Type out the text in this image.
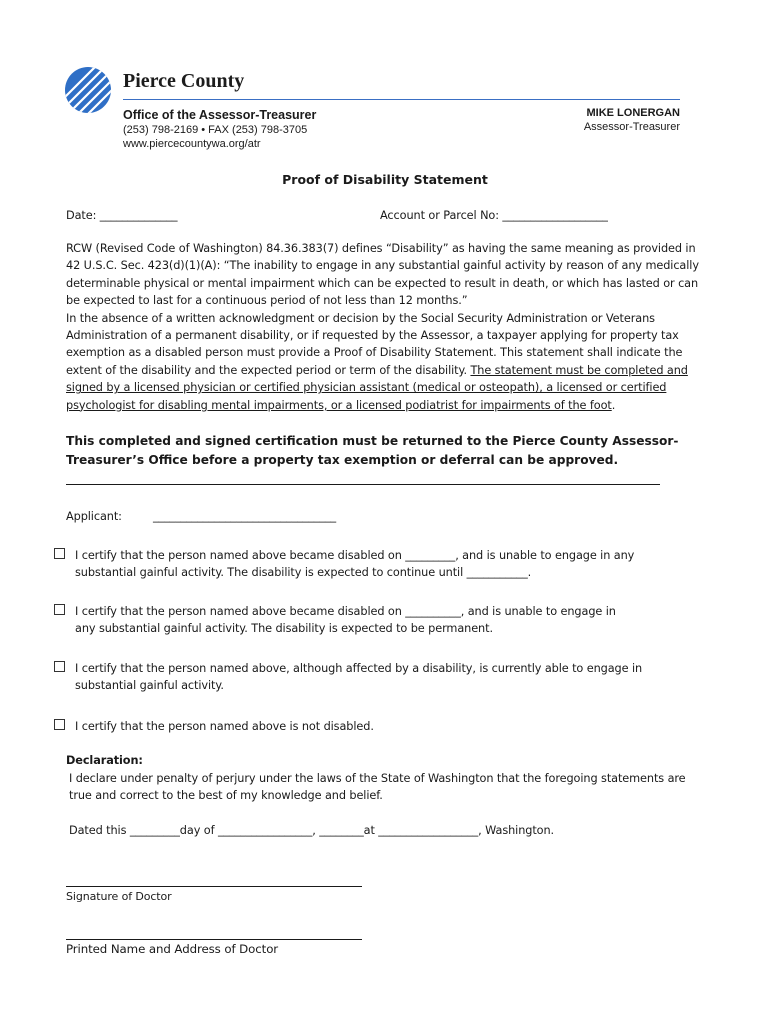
Pierce County
Office of the Assessor-Treasurer
(253) 798-2169 • FAX (253) 798-3705
www.piercecountywa.org/atr
MIKE LONERGAN
Assessor-Treasurer
Proof of Disability Statement
Date: ______________	Account or Parcel No: ___________________

RCW (Revised Code of Washington) 84.36.383(7) defines “Disability” as having the same meaning as provided in 42 U.S.C. Sec. 423(d)(1)(A): “The inability to engage in any substantial gainful activity by reason of any medically determinable physical or mental impairment which can be expected to result in death, or which has lasted or can be expected to last for a continuous period of not less than 12 months.”

In the absence of a written acknowledgment or decision by the Social Security Administration or Veterans Administration of a permanent disability, or if requested by the Assessor, a taxpayer applying for property tax exemption as a disabled person must provide a Proof of Disability Statement. This statement shall indicate the extent of the disability and the expected period or term of the disability. The statement must be completed and signed by a licensed physician or certified physician assistant (medical or osteopath), a licensed or certified psychologist for disabling mental impairments, or a licensed podiatrist for impairments of the foot.

This completed and signed certification must be returned to the Pierce County Assessor-Treasurer’s Office before a property tax exemption or deferral can be approved.
Applicant:	_________________________________

I certify that the person named above became disabled on _________, and is unable to engage in any

substantial gainful activity. The disability is expected to continue until ___________.

I certify that the person named above became disabled on __________, and is unable to engage in

any substantial gainful activity. The disability is expected to be permanent.

I certify that the person named above, although affected by a disability, is currently able to engage in

substantial gainful activity.

I certify that the person named above is not disabled.

Declaration:
I declare under penalty of perjury under the laws of the State of Washington that the foregoing statements are true and correct to the best of my knowledge and belief.
Dated this _________day of _________________, ________at __________________, Washington.
Signature of Doctor
Printed Name and Address of Doctor
